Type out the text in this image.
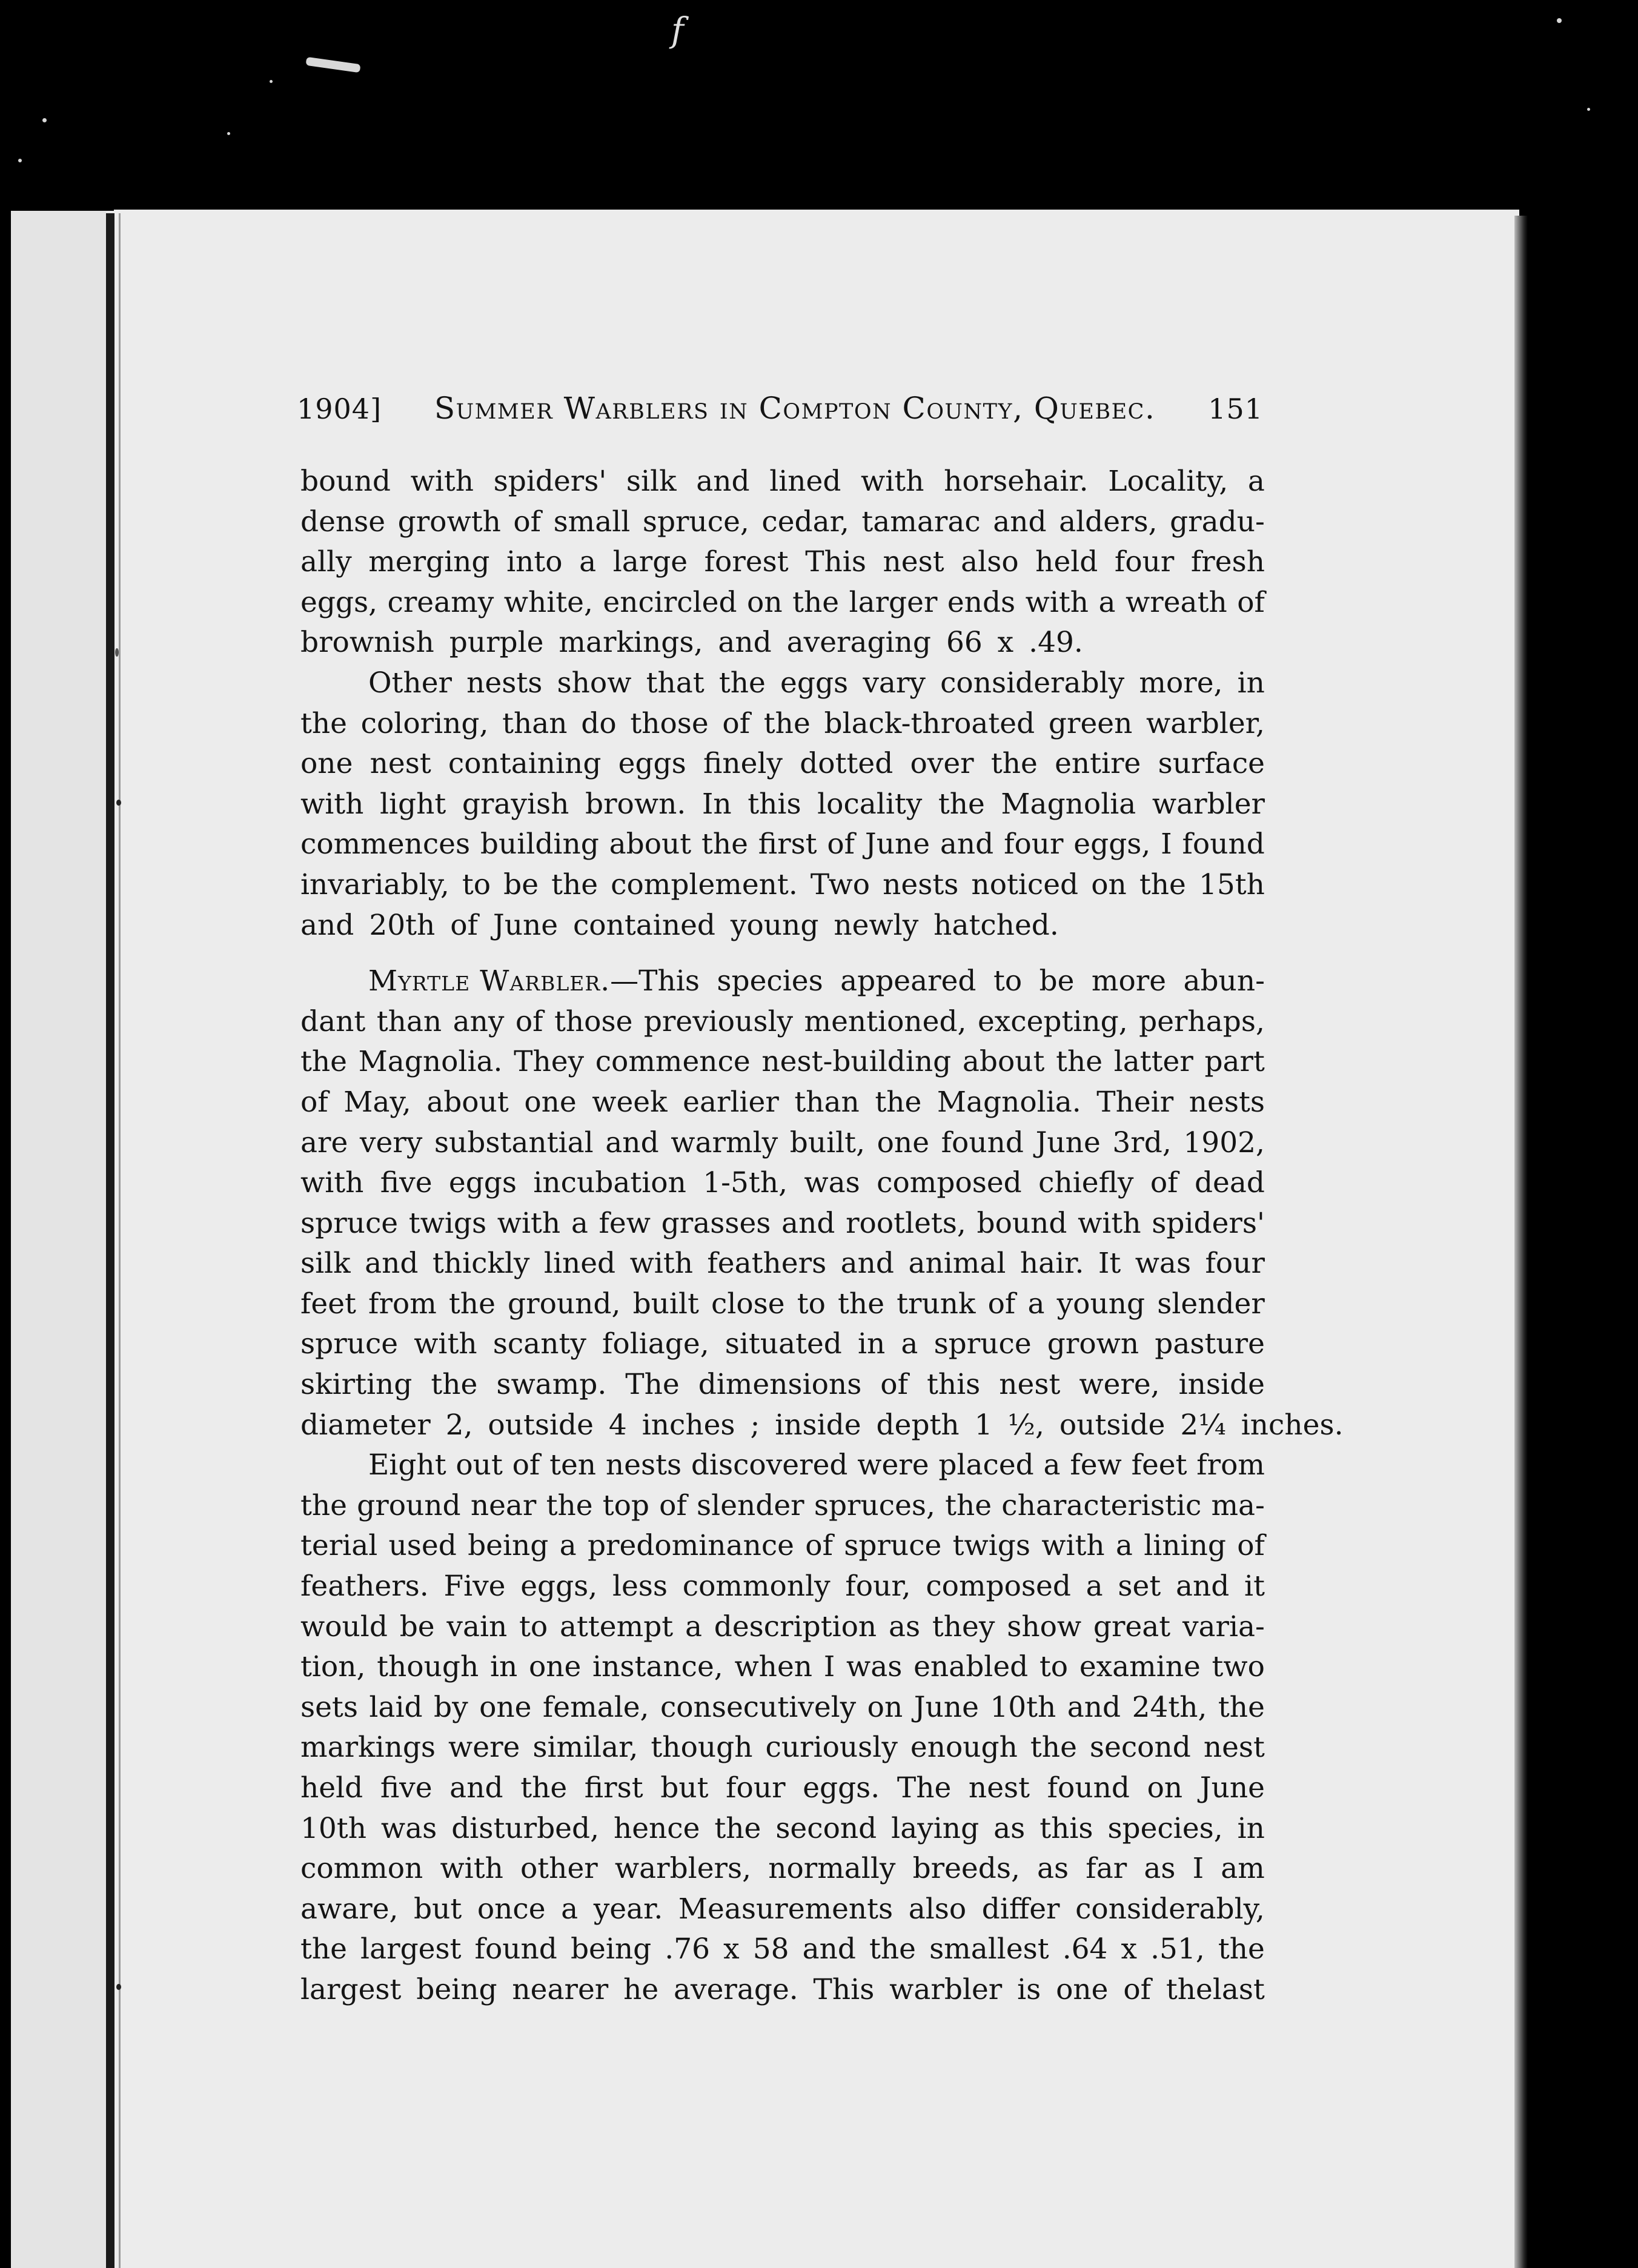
f
1904] Summer Warblers in Compton County, Quebec. 151
bound with spiders' silk and lined with horsehair. Locality, a
dense growth of small spruce, cedar, tamarac and alders, gradu-
ally merging into a large forest This nest also held four fresh
eggs, creamy white, encircled on the larger ends with a wreath of
brownish purple markings, and averaging 66 x .49.
Other nests show that the eggs vary considerably more, in
the coloring, than do those of the black-throated green warbler,
one nest containing eggs finely dotted over the entire surface
with light grayish brown. In this locality the Magnolia warbler
commences building about the first of June and four eggs, I found
invariably, to be the complement. Two nests noticed on the 15th
and 20th of June contained young newly hatched.
Myrtle Warbler.—This species appeared to be more abun-
dant than any of those previously mentioned, excepting, perhaps,
the Magnolia. They commence nest-building about the latter part
of May, about one week earlier than the Magnolia. Their nests
are very substantial and warmly built, one found June 3rd, 1902,
with five eggs incubation 1-5th, was composed chiefly of dead
spruce twigs with a few grasses and rootlets, bound with spiders'
silk and thickly lined with feathers and animal hair. It was four
feet from the ground, built close to the trunk of a young slender
spruce with scanty foliage, situated in a spruce grown pasture
skirting the swamp. The dimensions of this nest were, inside
diameter 2, outside 4 inches ; inside depth 1 ½, outside 2¼ inches.
Eight out of ten nests discovered were placed a few feet from
the ground near the top of slender spruces, the characteristic ma-
terial used being a predominance of spruce twigs with a lining of
feathers. Five eggs, less commonly four, composed a set and it
would be vain to attempt a description as they show great varia-
tion, though in one instance, when I was enabled to examine two
sets laid by one female, consecutively on June 10th and 24th, the
markings were similar, though curiously enough the second nest
held five and the first but four eggs. The nest found on June
10th was disturbed, hence the second laying as this species, in
common with other warblers, normally breeds, as far as I am
aware, but once a year. Measurements also differ considerably,
the largest found being .76 x 58 and the smallest .64 x .51, the
largest being nearer he average. This warbler is one of thelast
